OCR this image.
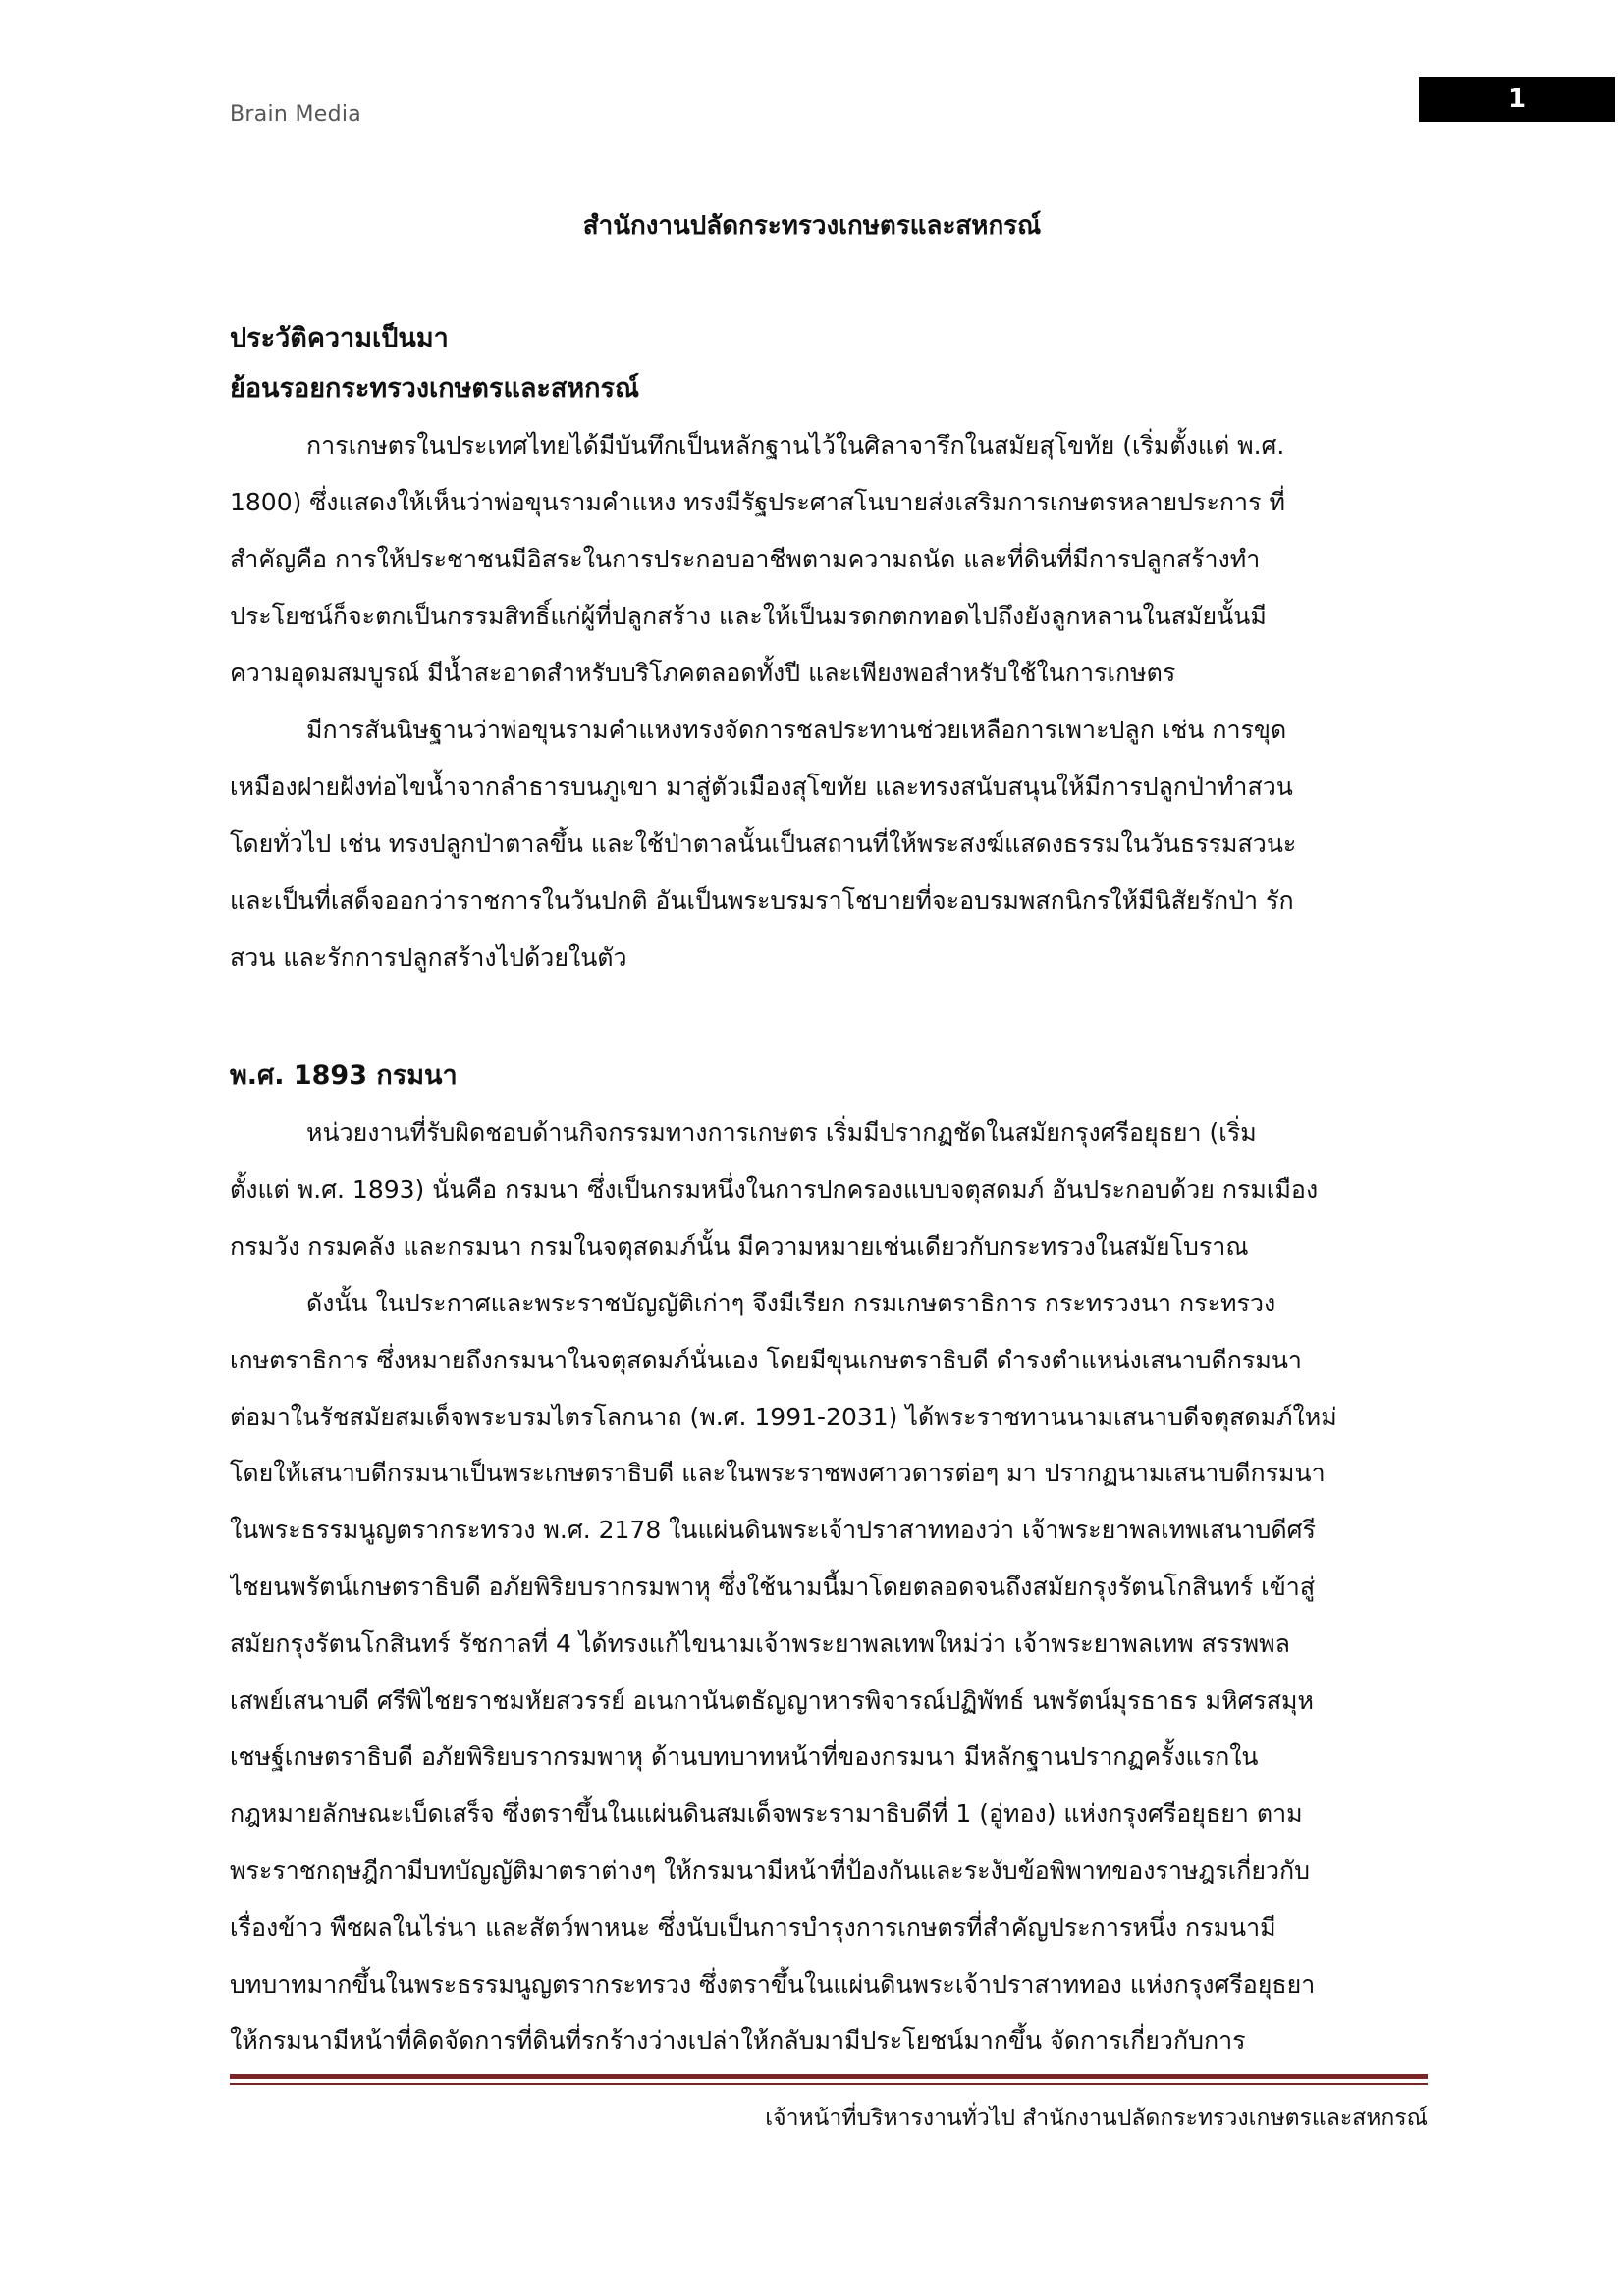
Brain Media
1
สำนักงานปลัดกระทรวงเกษตรและสหกรณ์
ประวัติความเป็นมา
ย้อนรอยกระทรวงเกษตรและสหกรณ์
การเกษตรในประเทศไทยได้มีบันทึกเป็นหลักฐานไว้ในศิลาจารึกในสมัยสุโขทัย (เริ่มตั้งแต่ พ.ศ.
1800) ซึ่งแสดงให้เห็นว่าพ่อขุนรามคำแหง ทรงมีรัฐประศาสโนบายส่งเสริมการเกษตรหลายประการ ที่
สำคัญคือ การให้ประชาชนมีอิสระในการประกอบอาชีพตามความถนัด และที่ดินที่มีการปลูกสร้างทำ
ประโยชน์ก็จะตกเป็นกรรมสิทธิ์แก่ผู้ที่ปลูกสร้าง และให้เป็นมรดกตกทอดไปถึงยังลูกหลานในสมัยนั้นมี
ความอุดมสมบูรณ์ มีน้ำสะอาดสำหรับบริโภคตลอดทั้งปี และเพียงพอสำหรับใช้ในการเกษตร
มีการสันนิษฐานว่าพ่อขุนรามคำแหงทรงจัดการชลประทานช่วยเหลือการเพาะปลูก เช่น การขุด
เหมืองฝายฝังท่อไขน้ำจากลำธารบนภูเขา มาสู่ตัวเมืองสุโขทัย และทรงสนับสนุนให้มีการปลูกป่าทำสวน
โดยทั่วไป เช่น ทรงปลูกป่าตาลขึ้น และใช้ป่าตาลนั้นเป็นสถานที่ให้พระสงฆ์แสดงธรรมในวันธรรมสวนะ
และเป็นที่เสด็จออกว่าราชการในวันปกติ อันเป็นพระบรมราโชบายที่จะอบรมพสกนิกรให้มีนิสัยรักป่า รัก
สวน และรักการปลูกสร้างไปด้วยในตัว
พ.ศ. 1893 กรมนา
หน่วยงานที่รับผิดชอบด้านกิจกรรมทางการเกษตร เริ่มมีปรากฏชัดในสมัยกรุงศรีอยุธยา (เริ่ม
ตั้งแต่ พ.ศ. 1893) นั่นคือ กรมนา ซึ่งเป็นกรมหนึ่งในการปกครองแบบจตุสดมภ์ อันประกอบด้วย กรมเมือง
กรมวัง กรมคลัง และกรมนา กรมในจตุสดมภ์นั้น มีความหมายเช่นเดียวกับกระทรวงในสมัยโบราณ
ดังนั้น ในประกาศและพระราชบัญญัติเก่าๆ จึงมีเรียก กรมเกษตราธิการ กระทรวงนา กระทรวง
เกษตราธิการ ซึ่งหมายถึงกรมนาในจตุสดมภ์นั่นเอง โดยมีขุนเกษตราธิบดี ดำรงตำแหน่งเสนาบดีกรมนา
ต่อมาในรัชสมัยสมเด็จพระบรมไตรโลกนาถ (พ.ศ. 1991-2031) ได้พระราชทานนามเสนาบดีจตุสดมภ์ใหม่
โดยให้เสนาบดีกรมนาเป็นพระเกษตราธิบดี และในพระราชพงศาวดารต่อๆ มา ปรากฏนามเสนาบดีกรมนา
ในพระธรรมนูญตรากระทรวง พ.ศ. 2178 ในแผ่นดินพระเจ้าปราสาททองว่า เจ้าพระยาพลเทพเสนาบดีศรี
ไชยนพรัตน์เกษตราธิบดี อภัยพิริยบรากรมพาหุ ซึ่งใช้นามนี้มาโดยตลอดจนถึงสมัยกรุงรัตนโกสินทร์ เข้าสู่
สมัยกรุงรัตนโกสินทร์ รัชกาลที่ 4 ได้ทรงแก้ไขนามเจ้าพระยาพลเทพใหม่ว่า เจ้าพระยาพลเทพ สรรพพล
เสพย์เสนาบดี ศรีพิไชยราชมหัยสวรรย์ อเนกานันตธัญญาหารพิจารณ์ปฏิพัทธ์ นพรัตน์มุรธาธร มหิศรสมุห
เชษฐ์เกษตราธิบดี อภัยพิริยบรากรมพาหุ ด้านบทบาทหน้าที่ของกรมนา มีหลักฐานปรากฏครั้งแรกใน
กฎหมายลักษณะเบ็ดเสร็จ ซึ่งตราขึ้นในแผ่นดินสมเด็จพระรามาธิบดีที่ 1 (อู่ทอง) แห่งกรุงศรีอยุธยา ตาม
พระราชกฤษฎีกามีบทบัญญัติมาตราต่างๆ ให้กรมนามีหน้าที่ป้องกันและระงับข้อพิพาทของราษฎรเกี่ยวกับ
เรื่องข้าว พืชผลในไร่นา และสัตว์พาหนะ ซึ่งนับเป็นการบำรุงการเกษตรที่สำคัญประการหนึ่ง กรมนามี
บทบาทมากขึ้นในพระธรรมนูญตรากระทรวง ซึ่งตราขึ้นในแผ่นดินพระเจ้าปราสาททอง แห่งกรุงศรีอยุธยา
ให้กรมนามีหน้าที่คิดจัดการที่ดินที่รกร้างว่างเปล่าให้กลับมามีประโยชน์มากขึ้น จัดการเกี่ยวกับการ
เจ้าหน้าที่บริหารงานทั่วไป สำนักงานปลัดกระทรวงเกษตรและสหกรณ์
